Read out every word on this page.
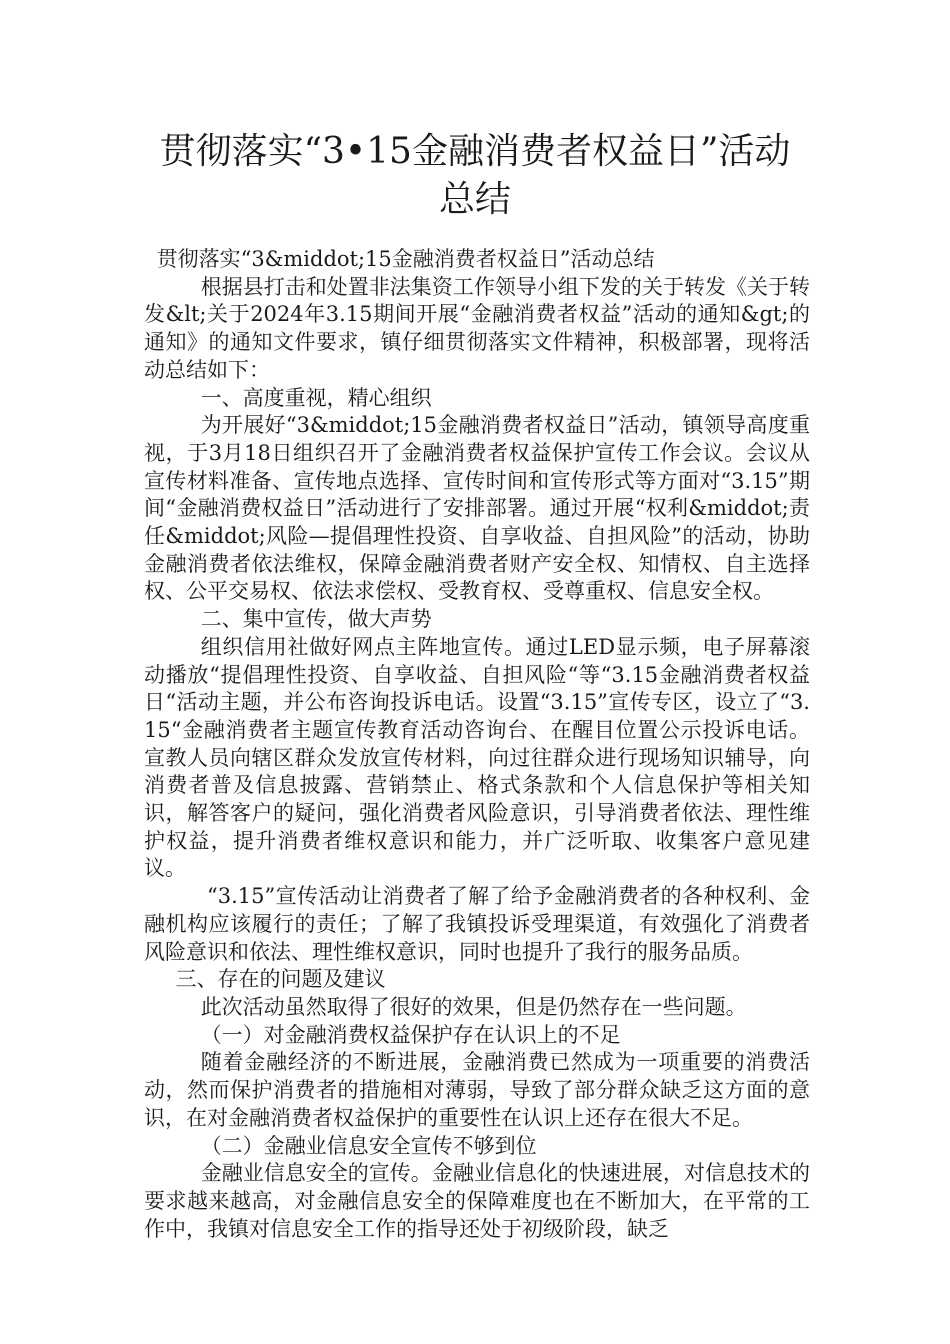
贯彻落实“3•15金融消费者权益日”活动
总结

贯彻落实“3&middot;15金融消费者权益日”活动总结

根据县打击和处置非法集资工作领导小组下发的关于转发《关于转发&lt;关于2024年3.15期间开展“金融消费者权益”活动的通知&gt;的通知》的通知文件要求，镇仔细贯彻落实文件精神，积极部署，现将活动总结如下：

一、高度重视，精心组织

为开展好“3&middot;15金融消费者权益日”活动，镇领导高度重视，于3月18日组织召开了金融消费者权益保护宣传工作会议。会议从宣传材料准备、宣传地点选择、宣传时间和宣传形式等方面对“3.15”期间“金融消费权益日”活动进行了安排部署。通过开展“权利&middot;责任&middot;风险—提倡理性投资、自享收益、自担风险”的活动，协助金融消费者依法维权，保障金融消费者财产安全权、知情权、自主选择权、公平交易权、依法求偿权、受教育权、受尊重权、信息安全权。

二、集中宣传，做大声势

组织信用社做好网点主阵地宣传。通过LED显示频，电子屏幕滚动播放“提倡理性投资、自享收益、自担风险“等“3.15金融消费者权益日“活动主题，并公布咨询投诉电话。设置“3.15”宣传专区，设立了“3.15“金融消费者主题宣传教育活动咨询台、在醒目位置公示投诉电话。宣教人员向辖区群众发放宣传材料，向过往群众进行现场知识辅导，向消费者普及信息披露、营销禁止、格式条款和个人信息保护等相关知识，解答客户的疑问，强化消费者风险意识，引导消费者依法、理性维护权益，提升消费者维权意识和能力，并广泛听取、收集客户意见建议。

“3.15”宣传活动让消费者了解了给予金融消费者的各种权利、金融机构应该履行的责任；了解了我镇投诉受理渠道，有效强化了消费者风险意识和依法、理性维权意识，同时也提升了我行的服务品质。

三、存在的问题及建议

此次活动虽然取得了很好的效果，但是仍然存在一些问题。

（一）对金融消费权益保护存在认识上的不足

随着金融经济的不断进展，金融消费已然成为一项重要的消费活动，然而保护消费者的措施相对薄弱，导致了部分群众缺乏这方面的意识，在对金融消费者权益保护的重要性在认识上还存在很大不足。

（二）金融业信息安全宣传不够到位

金融业信息安全的宣传。金融业信息化的快速进展，对信息技术的要求越来越高，对金融信息安全的保障难度也在不断加大，在平常的工作中，我镇对信息安全工作的指导还处于初级阶段，缺乏
